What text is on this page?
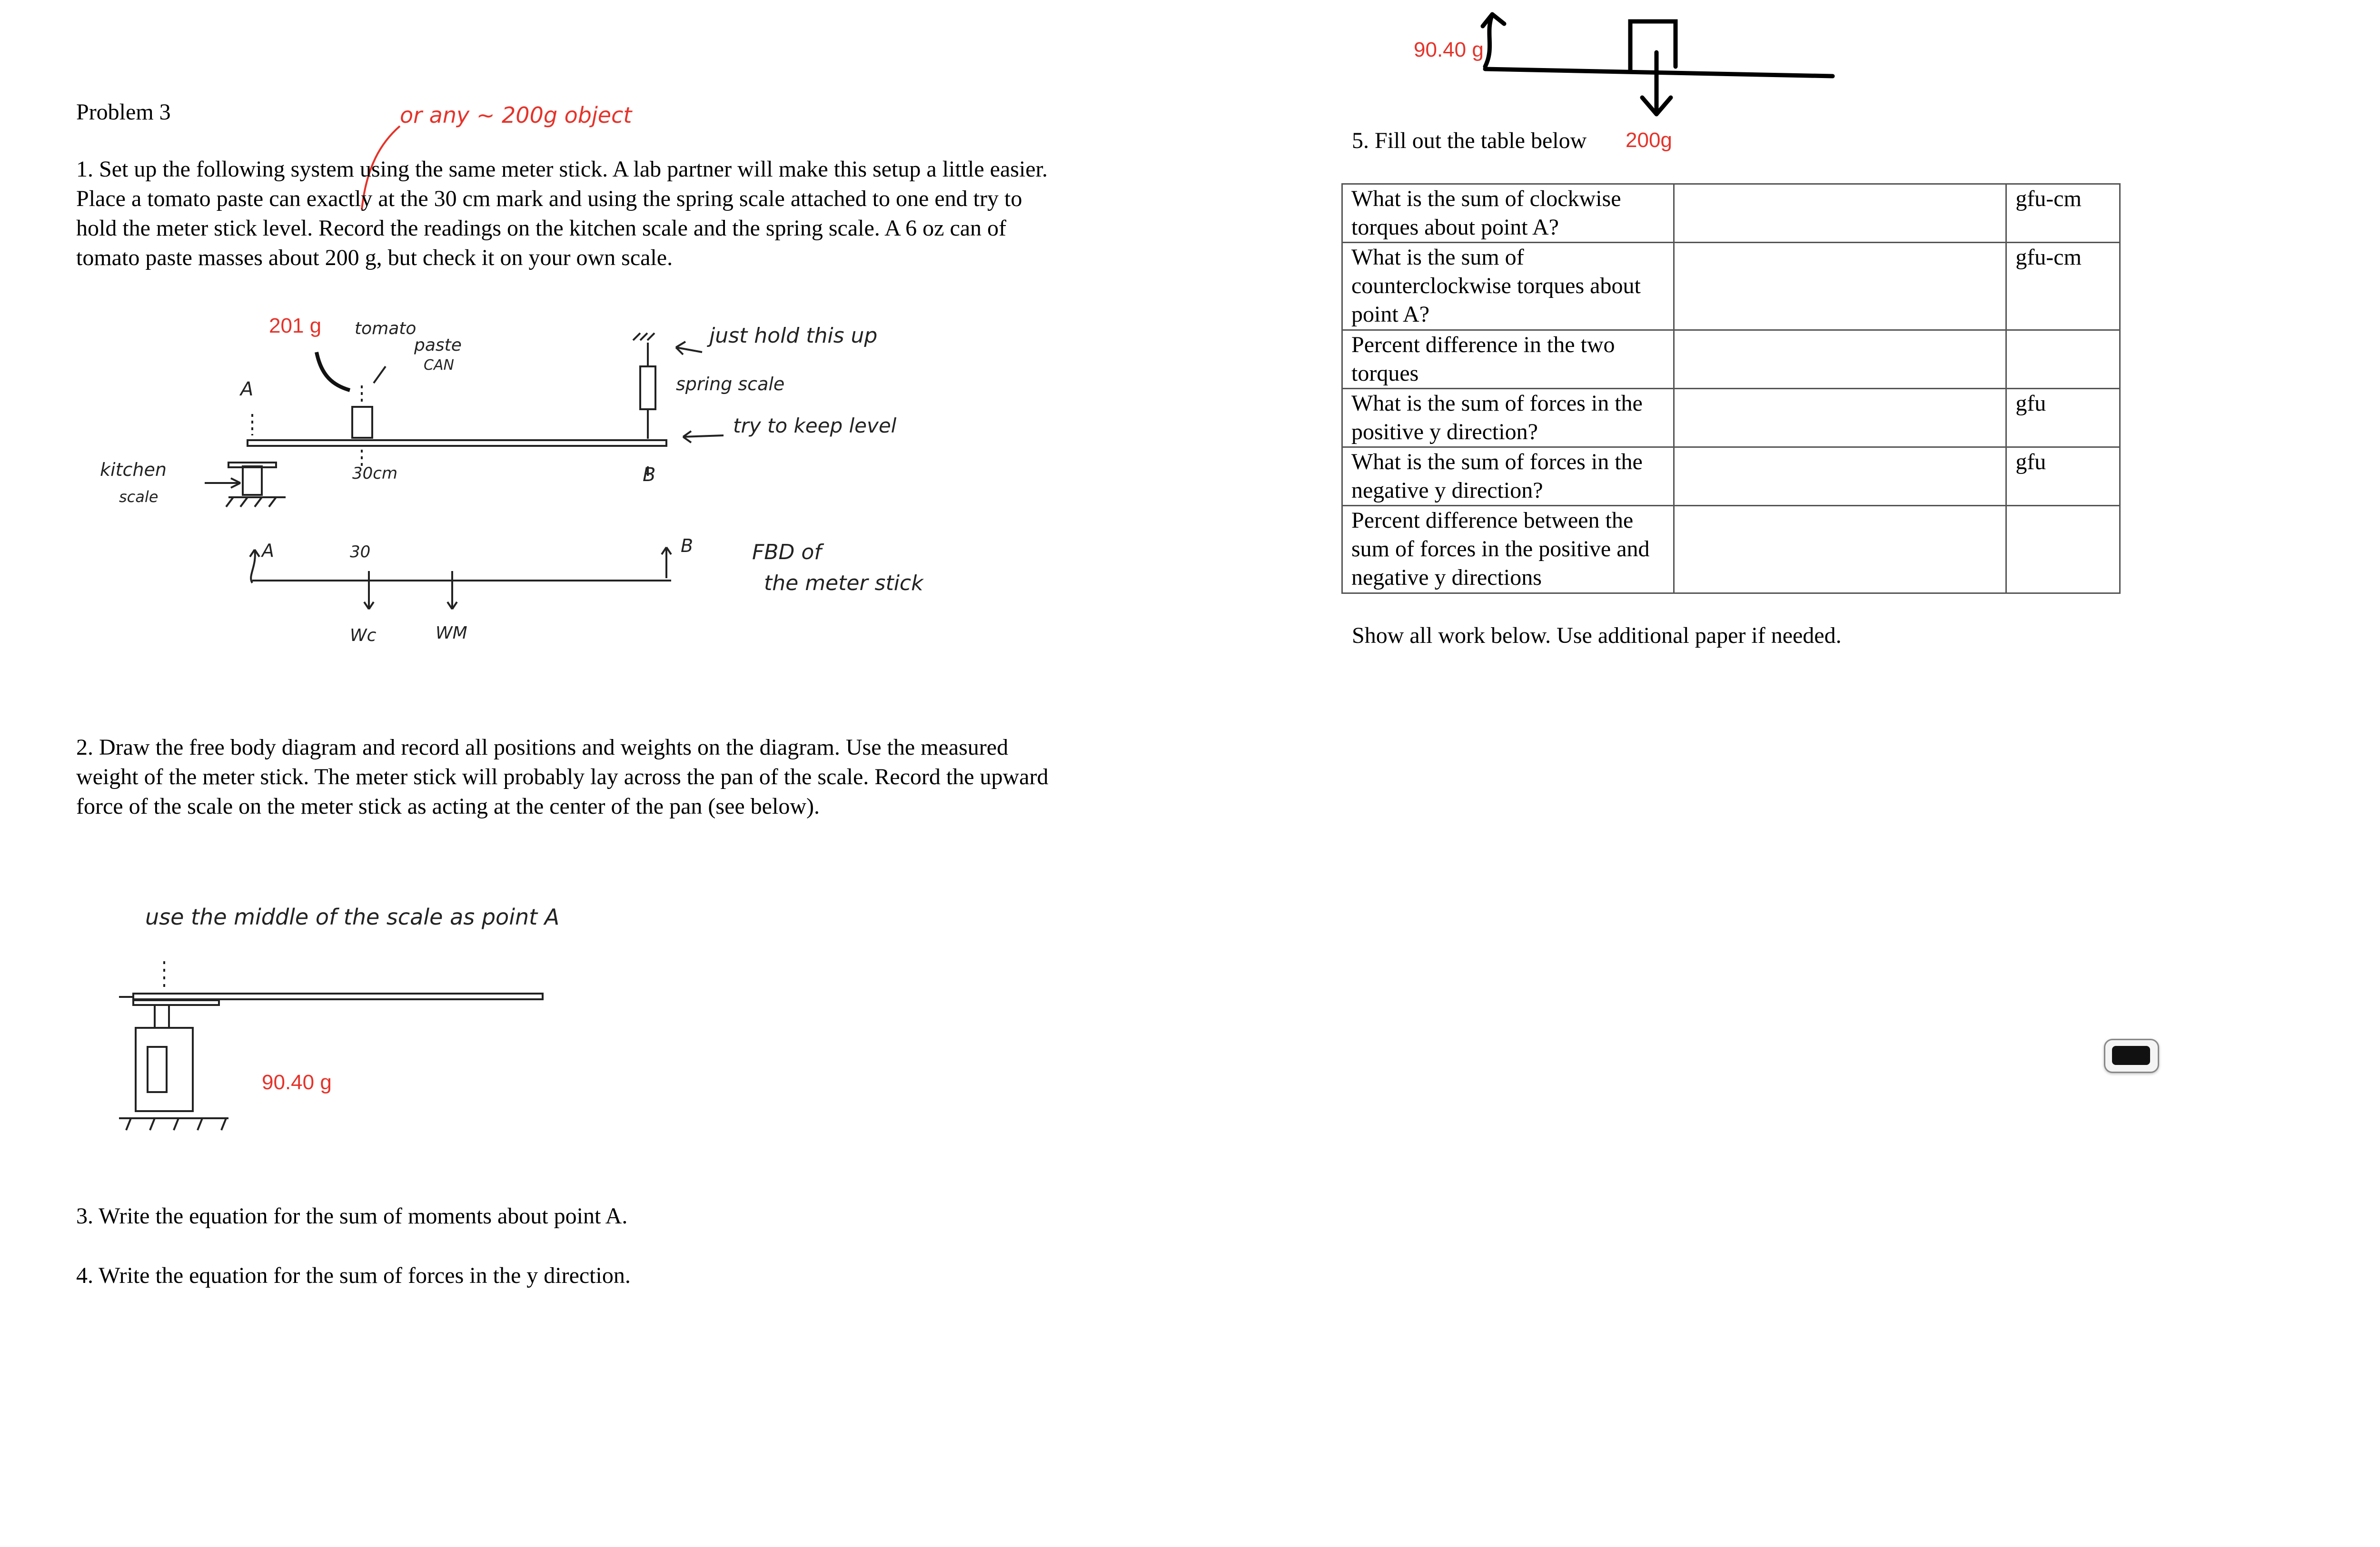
Problem 3	or any ~ 200g object
1. Set up the following system using the same meter stick. A lab partner will make this setup a little easier. Place a tomato paste can exactly at the 30 cm mark and using the spring scale attached to one end try to hold the meter stick level. Record the readings on the kitchen scale and the spring scale. A 6 oz can of tomato paste masses about 200 g, but check it on your own scale.
201 g tomato
paste
CAN
just hold this up
spring scale
try to keep level
A
B
30cm
kitchen
scale
A	30	B
Wc	WM
FBD of
the meter stick
2. Draw the free body diagram and record all positions and weights on the diagram. Use the measured weight of the meter stick. The meter stick will probably lay across the pan of the scale. Record the upward force of the scale on the meter stick as acting at the center of the pan (see below).
use the middle of the scale as point A
90.40 g
3. Write the equation for the sum of moments about point A.
4. Write the equation for the sum of forces in the y direction.
90.40 g
5. Fill out the table below 200g
What is the sum of clockwise torques about point A?		gfu-cm
What is the sum of counterclockwise torques about point A?		gfu-cm
Percent difference in the two torques		
What is the sum of forces in the positive y direction?		gfu
What is the sum of forces in the negative y direction?		gfu
Percent difference between the sum of forces in the positive and negative y directions		
Show all work below. Use additional paper if needed.
